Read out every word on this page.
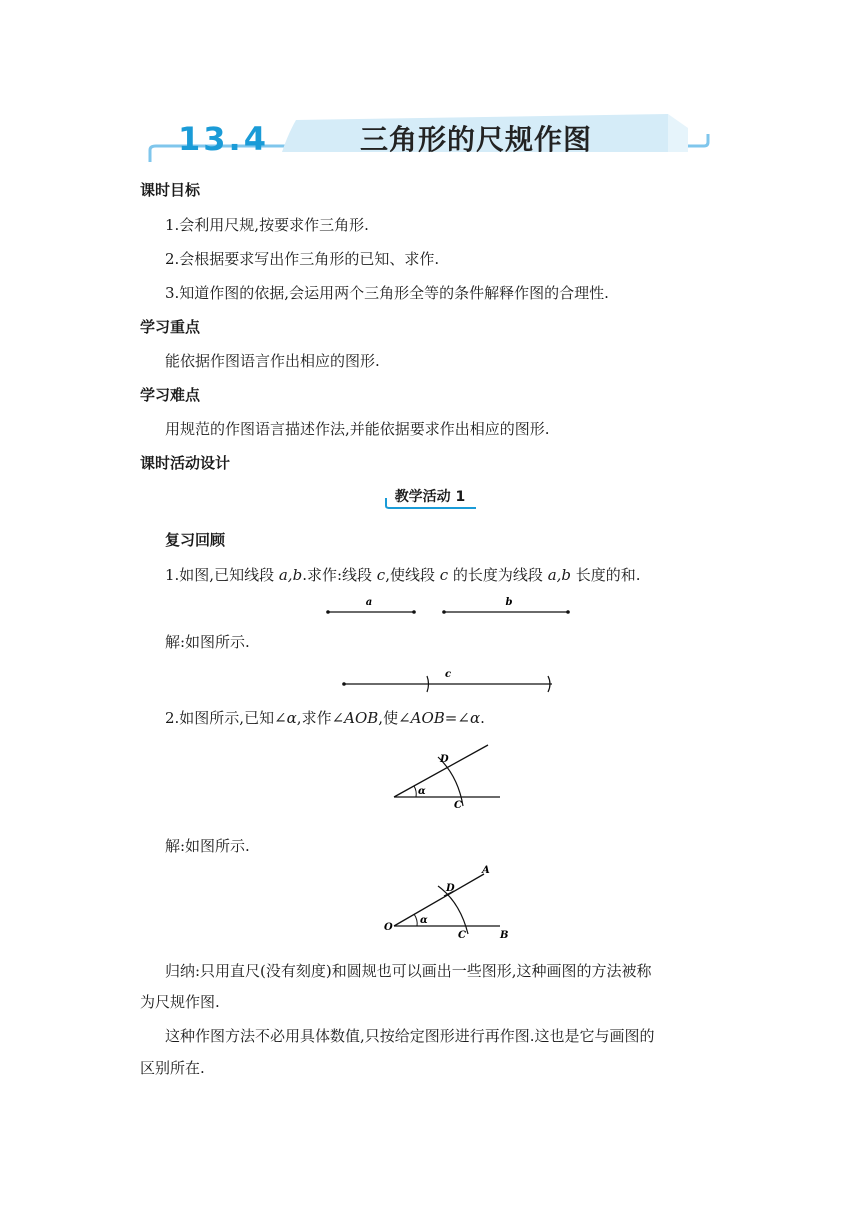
13.4	三角形的尺规作图
课时目标
1.会利用尺规,按要求作三角形.
2.会根据要求写出作三角形的已知、求作.
3.知道作图的依据,会运用两个三角形全等的条件解释作图的合理性.
学习重点
能依据作图语言作出相应的图形.
学习难点
用规范的作图语言描述作法,并能依据要求作出相应的图形.
课时活动设计
教学活动 1
复习回顾
1.如图,已知线段 a,b.求作:线段 c,使线段 c 的长度为线段 a,b 长度的和.
a	b
解:如图所示.
c
2.如图所示,已知∠α,求作∠AOB,使∠AOB=∠α.
D
α
C
解:如图所示.
A
D
O
α
C	B
归纳:只用直尺(没有刻度)和圆规也可以画出一些图形,这种画图的方法被称
为尺规作图.
这种作图方法不必用具体数值,只按给定图形进行再作图.这也是它与画图的
区别所在.
